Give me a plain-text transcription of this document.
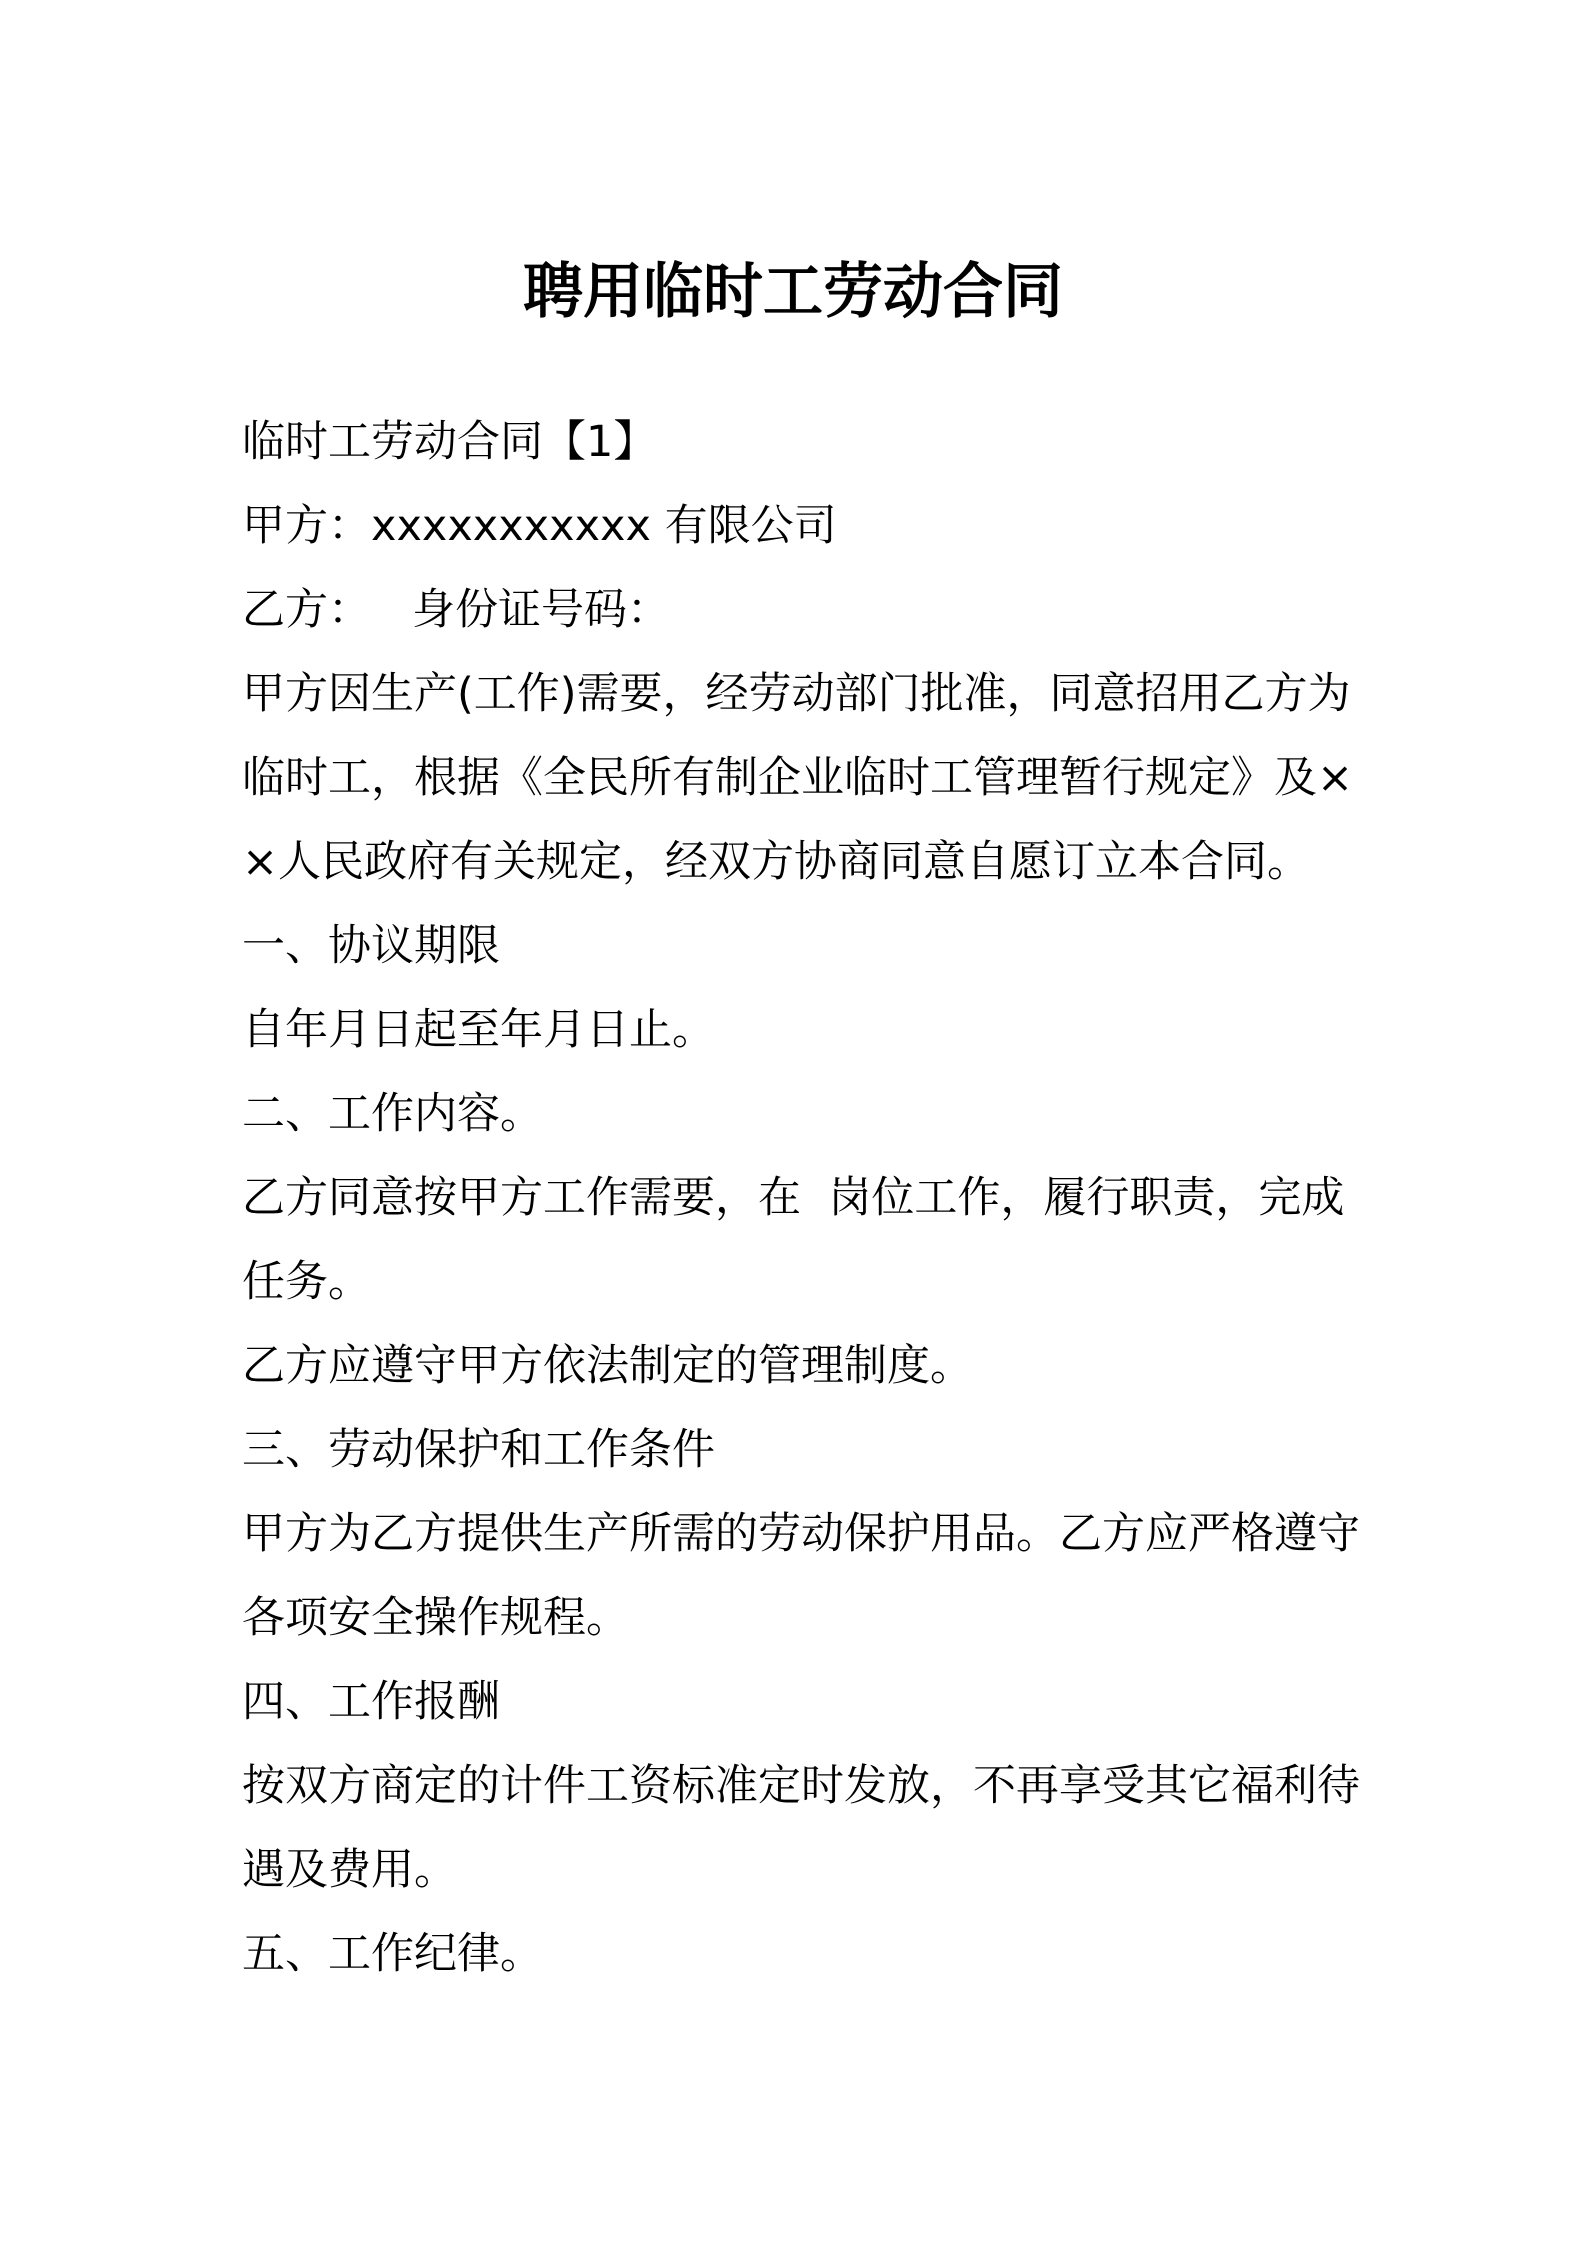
聘用临时工劳动合同
临时工劳动合同【1】
甲方：xxxxxxxxxxx 有限公司
乙方：   身份证号码：
甲方因生产(工作)需要，经劳动部门批准，同意招用乙方为
临时工，根据《全民所有制企业临时工管理暂行规定》及×
×人民政府有关规定，经双方协商同意自愿订立本合同。
一、协议期限
自年月日起至年月日止。
二、工作内容。
乙方同意按甲方工作需要，在  岗位工作，履行职责，完成
任务。
乙方应遵守甲方依法制定的管理制度。
三、劳动保护和工作条件
甲方为乙方提供生产所需的劳动保护用品。乙方应严格遵守
各项安全操作规程。
四、工作报酬
按双方商定的计件工资标准定时发放，不再享受其它福利待
遇及费用。
五、工作纪律。
